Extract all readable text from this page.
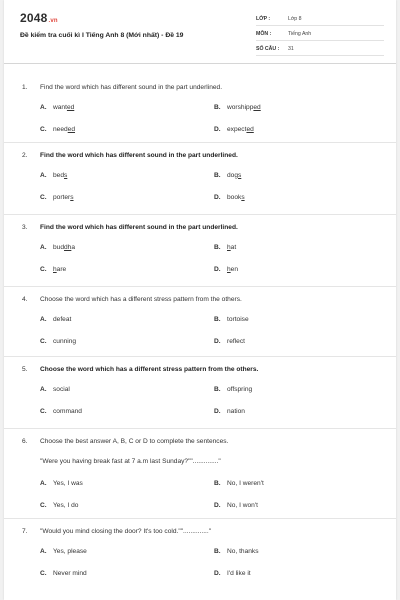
2048.vn
Đề kiểm tra cuối kì I Tiếng Anh 8 (Mới nhất) - Đề 19
LỚP :	Lớp 8
MÔN :	Tiếng Anh
SỐ CÂU : 31
1. Find the word which has different sound in the part underlined.
A. wanted	B. worshipped
C. needed	D. expected
2. Find the word which has different sound in the part underlined.
A. beds	B. dogs
C. porters	D. books
3. Find the word which has different sound in the part underlined.
A. buddha	B. hat
C. hare	D. hen
4. Choose the word which has a different stress pattern from the others.
A. defeat	B. tortoise
C. cunning	D. reflect
5. Choose the word which has a different stress pattern from the others.
A. social	B. offspring
C. command	D. nation
6. Choose the best answer A, B, C or D to complete the sentences.
"Were you having break fast at 7 a.m last Sunday?"".............."
A. Yes, I was	B. No, I weren't
C. Yes, I do	D. No, I won't
7. "Would you mind closing the door? It's too cold."".............."
A. Yes, please	B. No, thanks
C. Never mind	D. I'd like it
